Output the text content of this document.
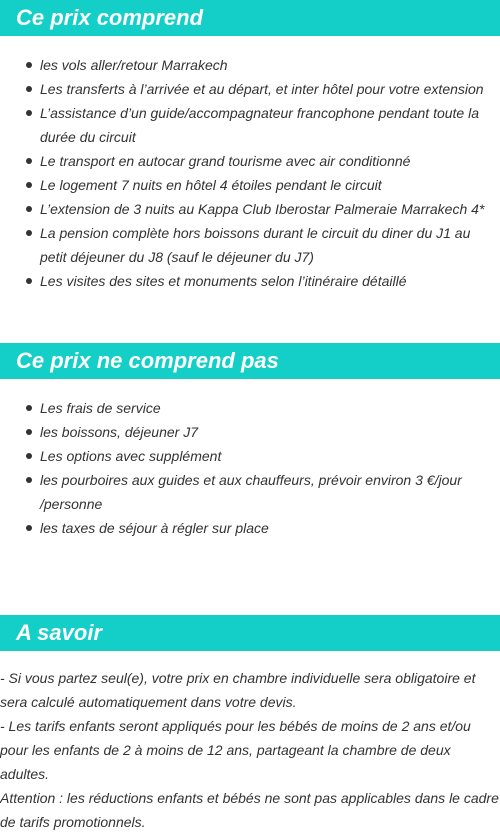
Ce prix comprend
les vols aller/retour Marrakech
Les transferts à l’arrivée et au départ, et inter hôtel pour votre extension
L’assistance d’un guide/accompagnateur francophone pendant toute la durée du circuit
Le transport en autocar grand tourisme avec air conditionné
Le logement 7 nuits en hôtel 4 étoiles pendant le circuit
L’extension de 3 nuits au Kappa Club Iberostar Palmeraie Marrakech 4*
La pension complète hors boissons durant le circuit du diner du J1 au petit déjeuner du J8 (sauf le déjeuner du J7)
Les visites des sites et monuments selon l’itinéraire détaillé
Ce prix ne comprend pas
Les frais de service
les boissons, déjeuner J7
Les options avec supplément
les pourboires aux guides et aux chauffeurs, prévoir environ 3 €/jour /personne
les taxes de séjour à régler sur place
A savoir

- Si vous partez seul(e), votre prix en chambre individuelle sera obligatoire et sera calculé automatiquement dans votre devis.

- Les tarifs enfants seront appliqués pour les bébés de moins de 2 ans et/ou pour les enfants de 2 à moins de 12 ans, partageant la chambre de deux adultes.

Attention : les réductions enfants et bébés ne sont pas applicables dans le cadre de tarifs promotionnels.
